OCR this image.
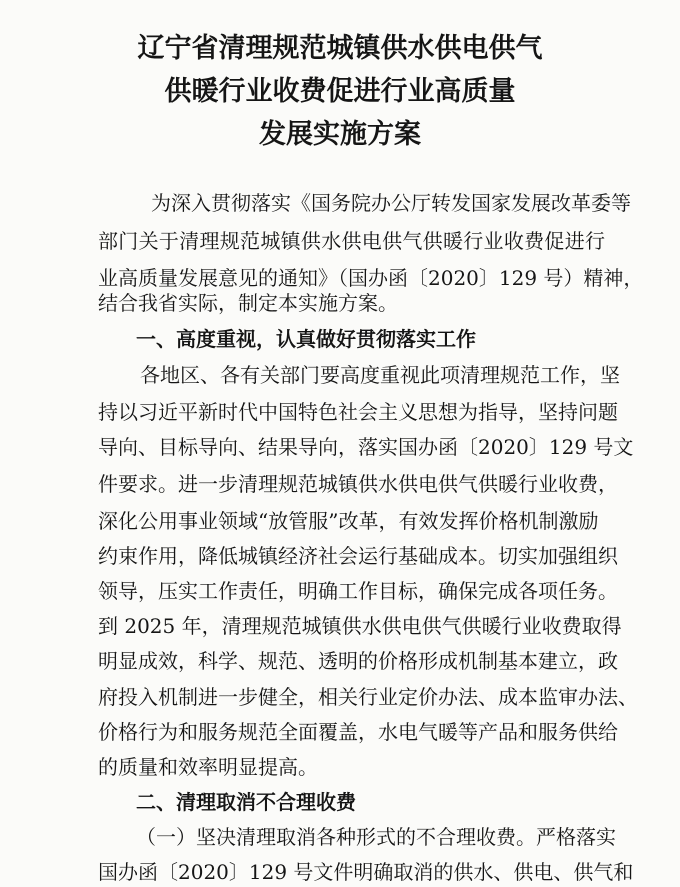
辽宁省清理规范城镇供水供电供气
供暖行业收费促进行业高质量
发展实施方案
为深入贯彻落实《国务院办公厅转发国家发展改革委等
部门关于清理规范城镇供水供电供气供暖行业收费促进行
业高质量发展意见的通知》（国办函〔2020〕129 号）精神，
结合我省实际，制定本实施方案。
一、高度重视，认真做好贯彻落实工作
各地区、各有关部门要高度重视此项清理规范工作，坚
持以习近平新时代中国特色社会主义思想为指导，坚持问题
导向、目标导向、结果导向，落实国办函〔2020〕129 号文
件要求。进一步清理规范城镇供水供电供气供暖行业收费，
深化公用事业领域“放管服”改革，有效发挥价格机制激励
约束作用，降低城镇经济社会运行基础成本。切实加强组织
领导，压实工作责任，明确工作目标，确保完成各项任务。
到 2025 年，清理规范城镇供水供电供气供暖行业收费取得
明显成效，科学、规范、透明的价格形成机制基本建立，政
府投入机制进一步健全，相关行业定价办法、成本监审办法、
价格行为和服务规范全面覆盖，水电气暖等产品和服务供给
的质量和效率明显提高。
二、清理取消不合理收费
（一）坚决清理取消各种形式的不合理收费。严格落实
国办函〔2020〕129 号文件明确取消的供水、供电、供气和
